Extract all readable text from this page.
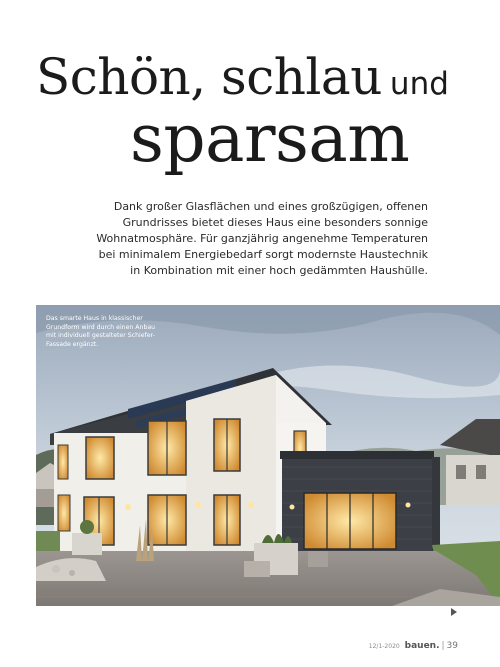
Schön, schlau und
sparsam
Dank großer Glasflächen und eines großzügigen, offenen
Grundrisses bietet dieses Haus eine besonders sonnige
Wohnatmosphäre. Für ganzjährig angenehme Temperaturen
bei minimalem Energiebedarf sorgt modernste Haustechnik
in Kombination mit einer hoch gedämmten Haushülle.
Das smarte Haus in klassischer
Grundform wird durch einen Anbau
mit individuell gestalteter Schiefer-
Fassade ergänzt.
12/1-2020 bauen. | 39
